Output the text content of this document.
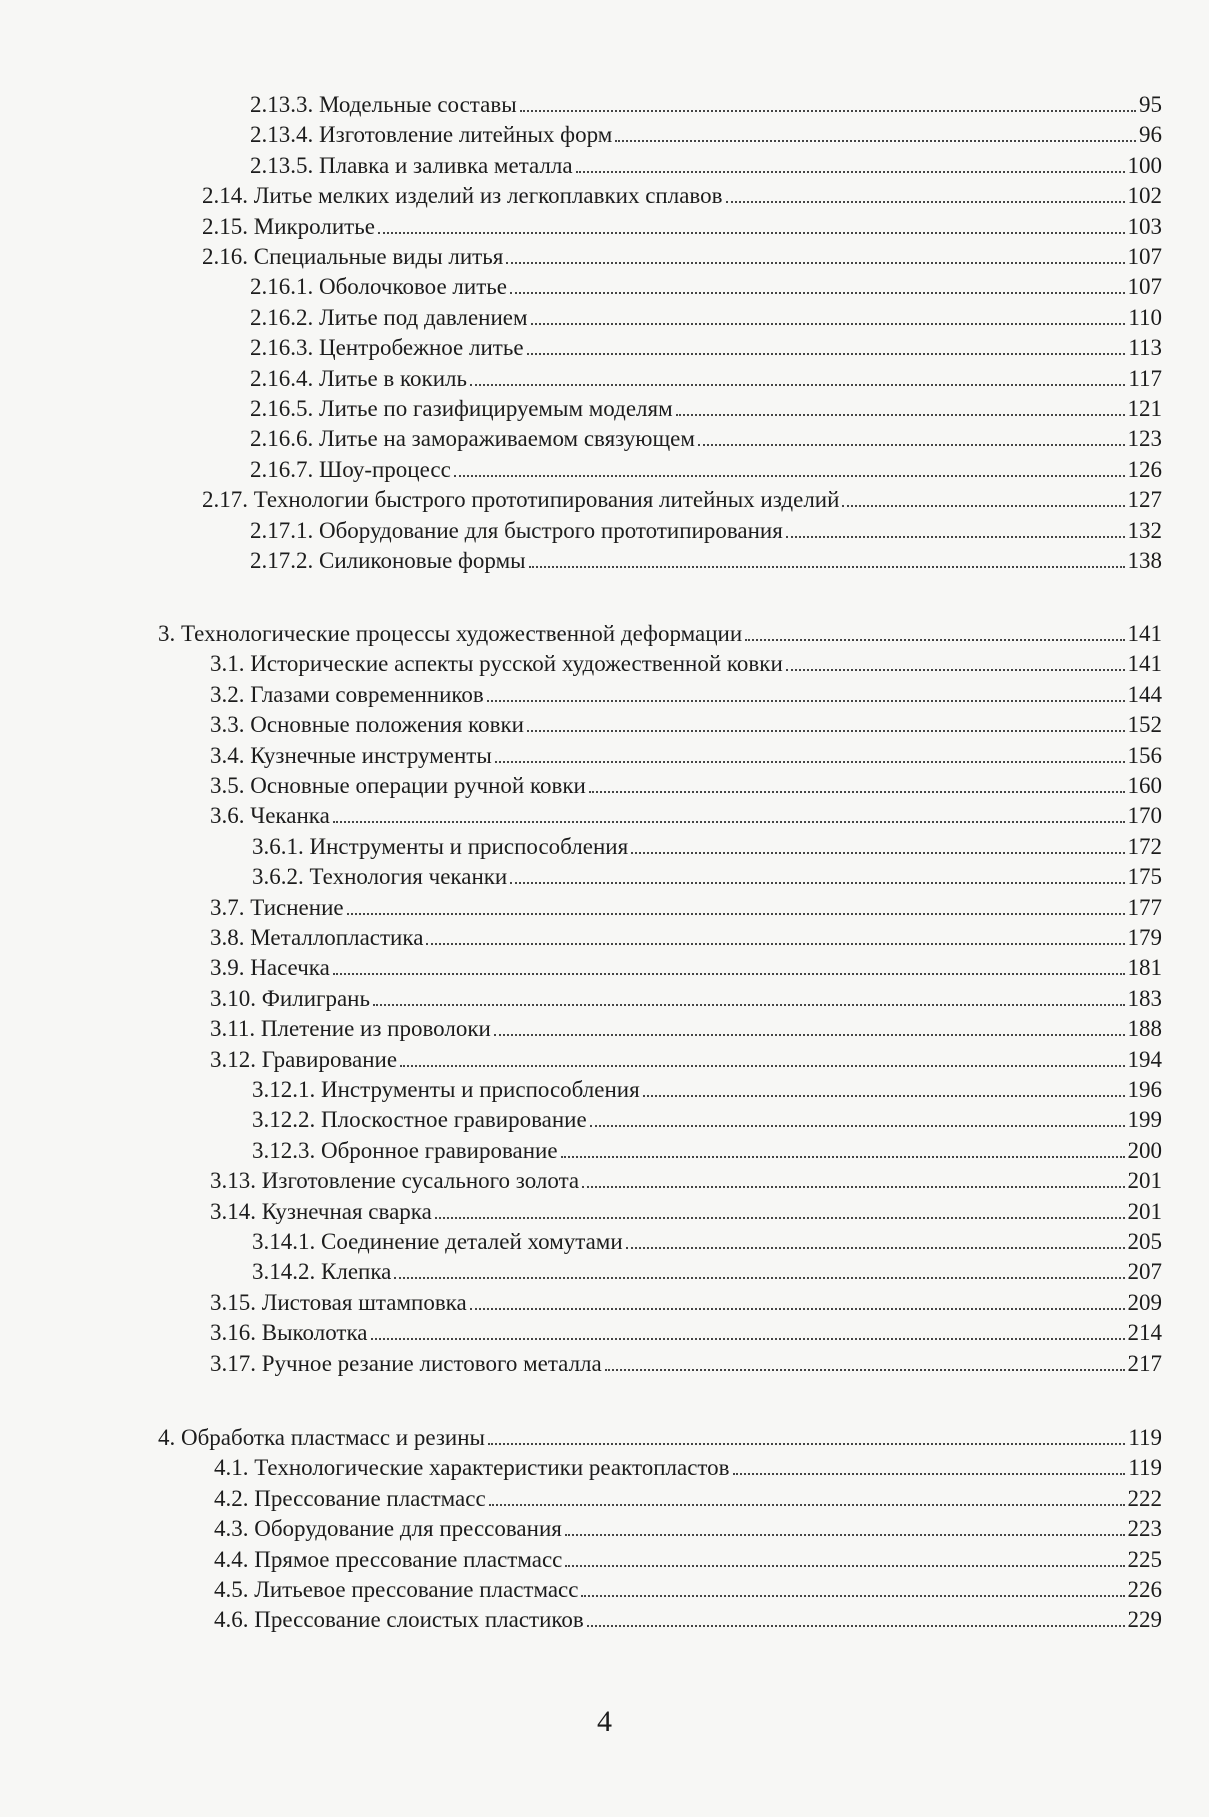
2.13.3. Модельные составы	95
2.13.4. Изготовление литейных форм	96
2.13.5. Плавка и заливка металла	100
2.14. Литье мелких изделий из легкоплавких сплавов	102
2.15. Микролитье	103
2.16. Специальные виды литья	107
2.16.1. Оболочковое литье	107
2.16.2. Литье под давлением	110
2.16.3. Центробежное литье	113
2.16.4. Литье в кокиль	117
2.16.5. Литье по газифицируемым моделям	121
2.16.6. Литье на замораживаемом связующем	123
2.16.7. Шоу-процесс	126
2.17. Технологии быстрого прототипирования литейных изделий	127
2.17.1. Оборудование для быстрого прототипирования	132
2.17.2. Силиконовые формы	138
3. Технологические процессы художественной деформации	141
3.1. Исторические аспекты русской художественной ковки	141
3.2. Глазами современников	144
3.3. Основные положения ковки	152
3.4. Кузнечные инструменты	156
3.5. Основные операции ручной ковки	160
3.6. Чеканка	170
3.6.1. Инструменты и приспособления	172
3.6.2. Технология чеканки	175
3.7. Тиснение	177
3.8. Металлопластика	179
3.9. Насечка	181
3.10. Филигрань	183
3.11. Плетение из проволоки	188
3.12. Гравирование	194
3.12.1. Инструменты и приспособления	196
3.12.2. Плоскостное гравирование	199
3.12.3. Обронное гравирование	200
3.13. Изготовление сусального золота	201
3.14. Кузнечная сварка	201
3.14.1. Соединение деталей хомутами	205
3.14.2. Клепка	207
3.15. Листовая штамповка	209
3.16. Выколотка	214
3.17. Ручное резание листового металла	217
4. Обработка пластмасс и резины	119
4.1. Технологические характеристики реактопластов	119
4.2. Прессование пластмасс	222
4.3. Оборудование для прессования	223
4.4. Прямое прессование пластмасс	225
4.5. Литьевое прессование пластмасс	226
4.6. Прессование слоистых пластиков	229
4
